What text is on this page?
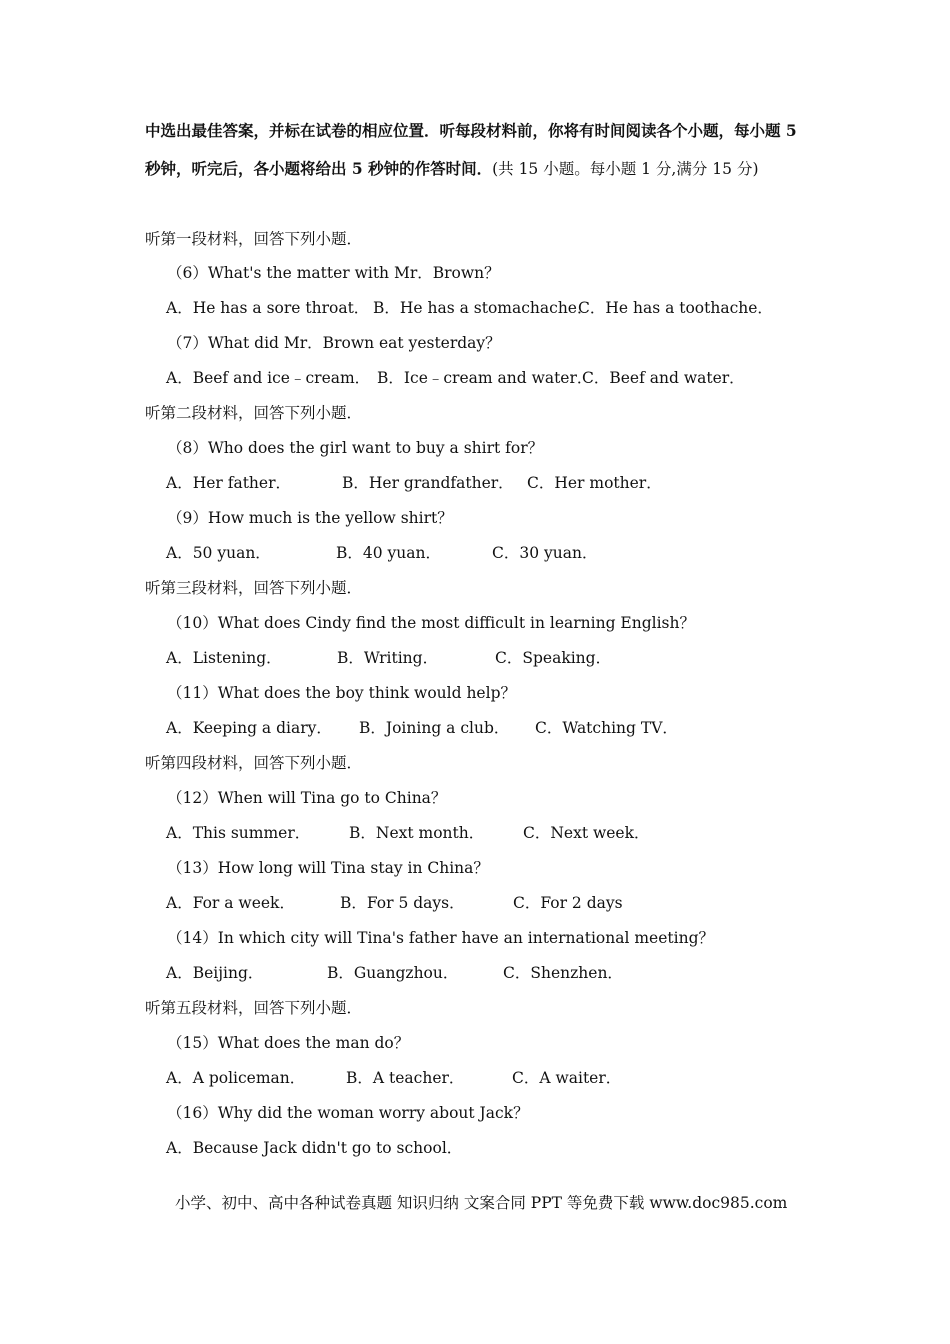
中选出最佳答案，并标在试卷的相应位置．听每段材料前，你将有时间阅读各个小题，每小题 5 秒钟，听完后，各小题将给出 5 秒钟的作答时间．(共 15 小题。每小题 1 分,满分 15 分)
听第一段材料，回答下列小题．
（6）What's the matter with Mr．Brown？
A．He has a sore throat． B．He has a stomachache．
C．He has a toothache．
（7）What did Mr．Brown eat yesterday？
A．Beef and ice﹣cream． B．Ice﹣cream and water．
C．Beef and water．
听第二段材料，回答下列小题．
（8）Who does the girl want to buy a shirt for？
A．Her father．	B．Her grandfather． C．Her mother．
（9）How much is the yellow shirt？
A．50 yuan．	B．40 yuan．	C．30 yuan．
听第三段材料，回答下列小题．
（10）What does Cindy find the most difficult in learning English？
A．Listening．	B．Writing．	C．Speaking．
（11）What does the boy think would help？
A．Keeping a diary． B．Joining a club． C．Watching TV．
听第四段材料，回答下列小题．
（12）When will Tina go to China？
A．This summer． B．Next month．	C．Next week．
（13）How long will Tina stay in China？
A．For a week．	B．For 5 days．	C．For 2 days
（14）In which city will Tina's father have an international meeting？
A．Beijing．	B．Guangzhou．	C．Shenzhen．
听第五段材料，回答下列小题．
（15）What does the man do？
A．A policeman．	B．A teacher．	C．A waiter．
（16）Why did the woman worry about Jack？
A．Because Jack didn't go to school．
小学、初中、高中各种试卷真题 知识归纳 文案合同 PPT 等免费下载 www.doc985.com
